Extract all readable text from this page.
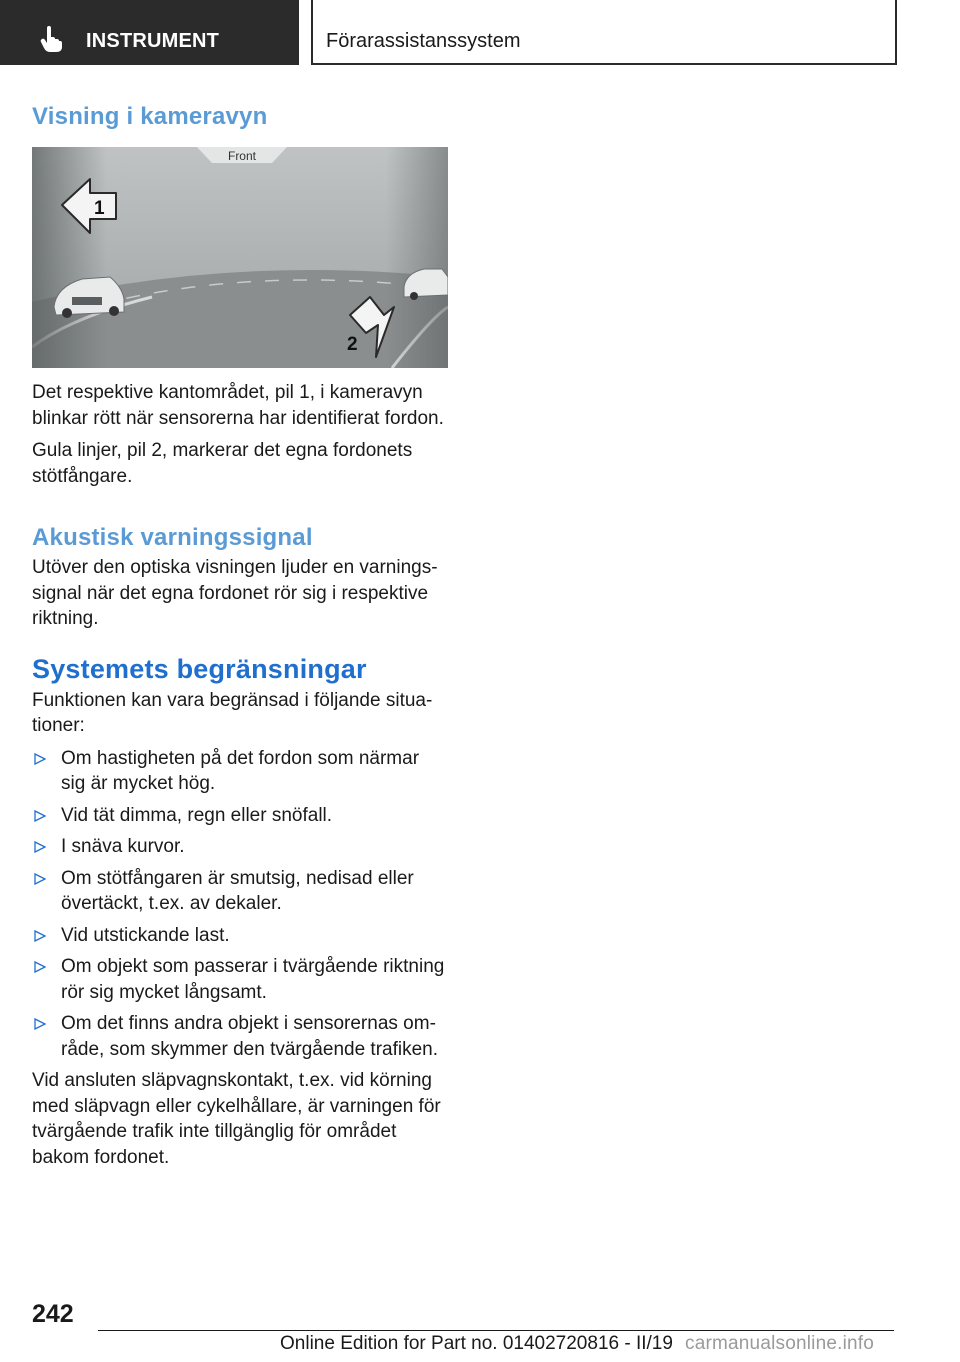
INSTRUMENT	Förarassistanssystem
Visning i kameravyn
Front
1
2

Det respektive kantområdet, pil 1, i kameravyn blinkar rött när sensorerna har identifierat fordon.

Gula linjer, pil 2, markerar det egna fordonets stötfångare.

Akustisk varningssignal

Utöver den optiska visningen ljuder en varnings-signal när det egna fordonet rör sig i respektive riktning.

Systemets begränsningar

Funktionen kan vara begränsad i följande situa-tioner:

Om hastigheten på det fordon som närmar sig är mycket hög.
Vid tät dimma, regn eller snöfall.
I snäva kurvor.
Om stötfångaren är smutsig, nedisad eller övertäckt, t.ex. av dekaler.
Vid utstickande last.
Om objekt som passerar i tvärgående riktning rör sig mycket långsamt.
Om det finns andra objekt i sensorernas om-råde, som skymmer den tvärgående trafiken.

Vid ansluten släpvagnskontakt, t.ex. vid körning med släpvagn eller cykelhållare, är varningen för tvärgående trafik inte tillgänglig för området bakom fordonet.

242
Online Edition for Part no. 01402720816 - II/19 carmanualsonline.info
